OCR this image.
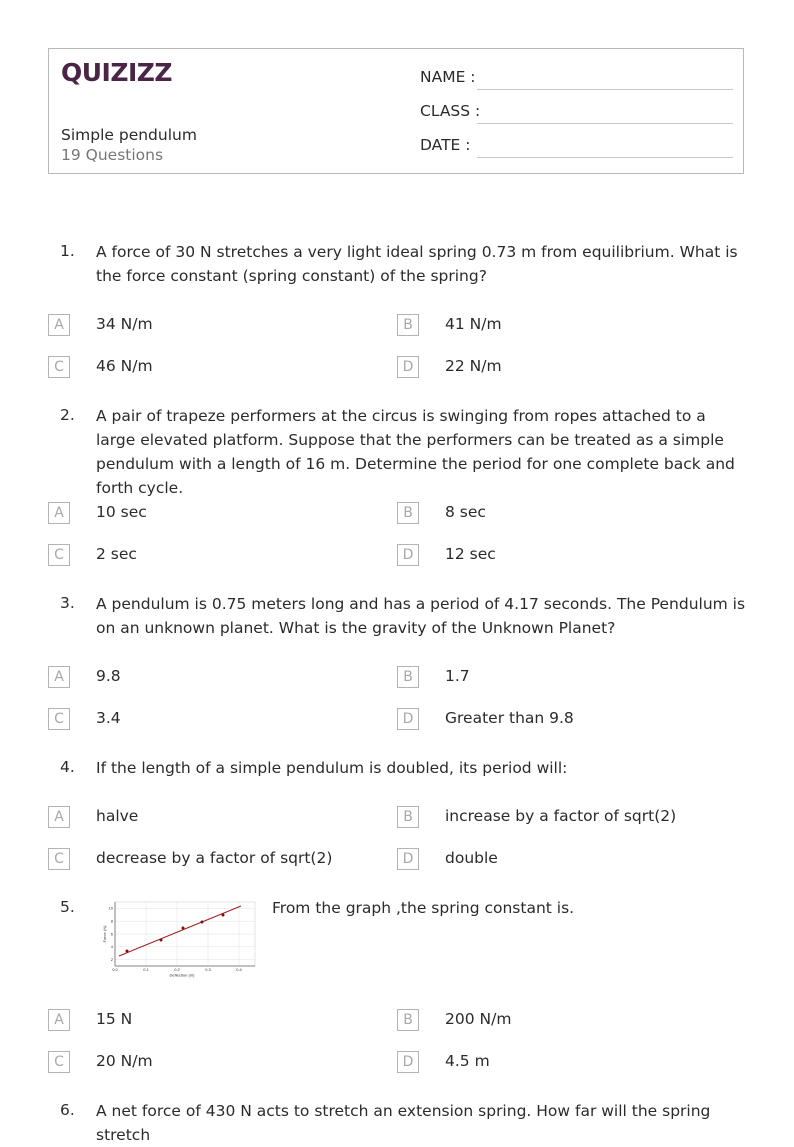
QUIZIZZ
Simple pendulum
19 Questions
NAME :
CLASS :
DATE :
1. A force of 30 N stretches a very light ideal spring 0.73 m from equilibrium. What is the force constant (spring constant) of the spring?
A	34 N/m	B	41 N/m
C	46 N/m	D	22 N/m
2. A pair of trapeze performers at the circus is swinging from ropes attached to a large elevated platform. Suppose that the performers can be treated as a simple pendulum with a length of 16 m. Determine the period for one complete back and forth cycle.
A	10 sec	B	8 sec
C	2 sec	D	12 sec
3. A pendulum is 0.75 meters long and has a period of 4.17 seconds. The Pendulum is on an unknown planet. What is the gravity of the Unknown Planet?
A	9.8	B	1.7
C	3.4	D	Greater than 9.8
4. If the length of a simple pendulum is doubled, its period will:
A	halve	B	increase by a factor of sqrt(2)
C	decrease by a factor of sqrt(2)	D	double
5.
0.0	0.1	0.2	0.3	0.4
Deflection (m)
2
4
6
8
10
Force (N)
From the graph ,the spring constant is.
A	15 N	B	200 N/m
C	20 N/m	D	4.5 m
6. A net force of 430 N acts to stretch an extension spring. How far will the spring stretch
